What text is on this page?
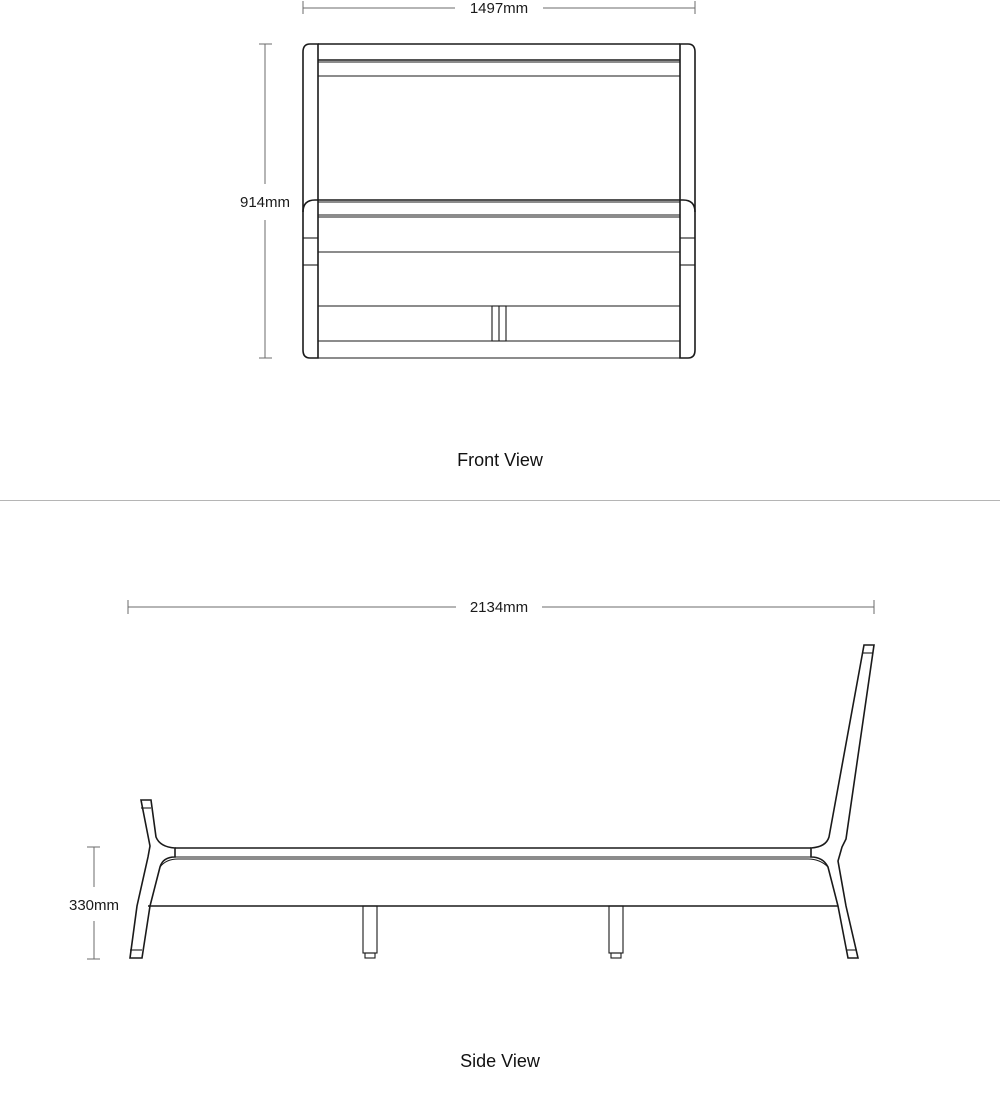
1497mm
914mm
Front View
2134mm
330mm
Side View
